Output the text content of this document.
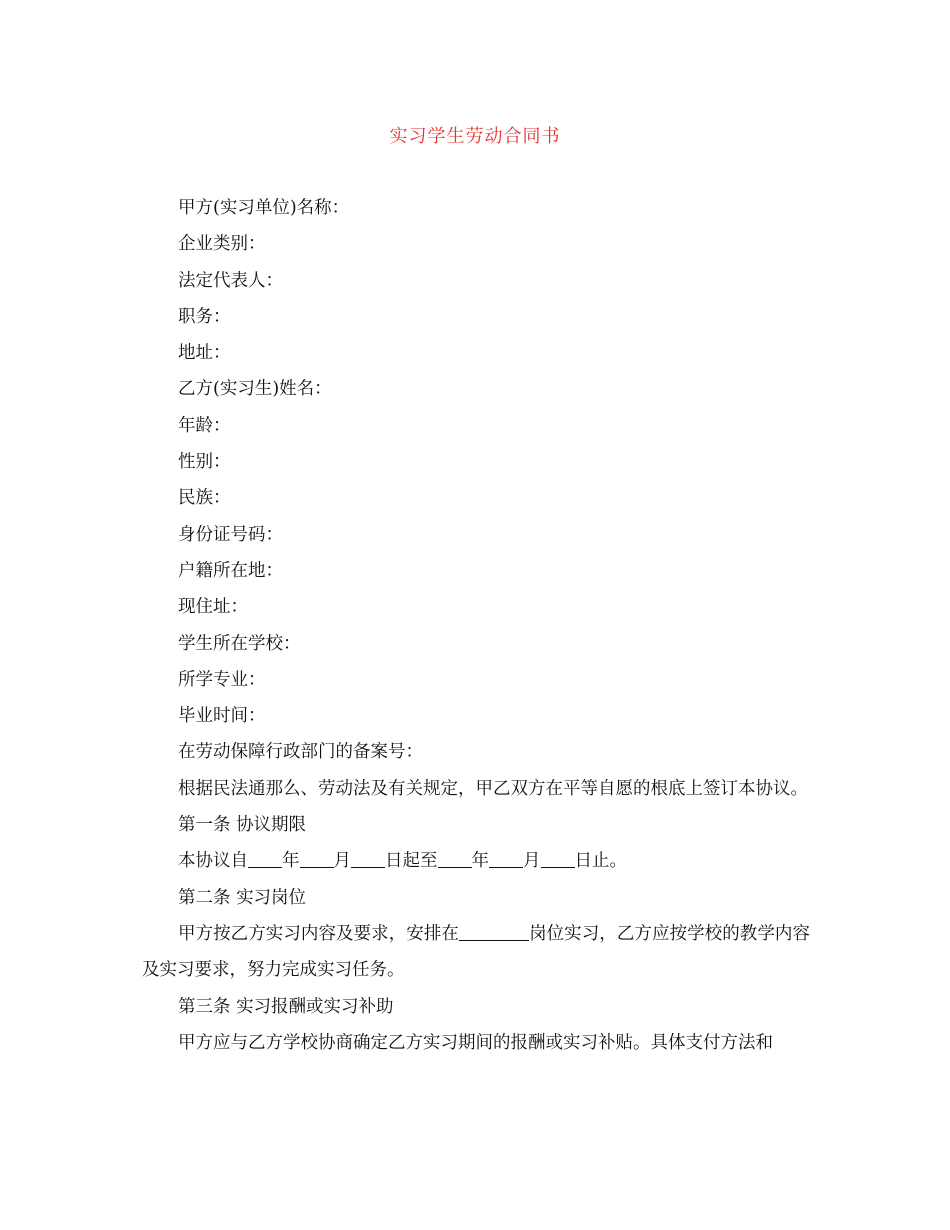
实习学生劳动合同书
甲方(实习单位)名称：
企业类别：
法定代表人：
职务：
地址：
乙方(实习生)姓名：
年龄：
性别：
民族：
身份证号码：
户籍所在地：
现住址：
学生所在学校：
所学专业：
毕业时间：
在劳动保障行政部门的备案号：
根据民法通那么、劳动法及有关规定，甲乙双方在平等自愿的根底上签订本协议。
第一条 协议期限
本协议自 年 月 日起至 年 月 日止。
第二条 实习岗位
甲方按乙方实习内容及要求，安排在	岗位实习，乙方应按学校的教学内容及实习要求，努力完成实习任务。
第三条 实习报酬或实习补助
甲方应与乙方学校协商确定乙方实习期间的报酬或实习补贴。具体支付方法和
